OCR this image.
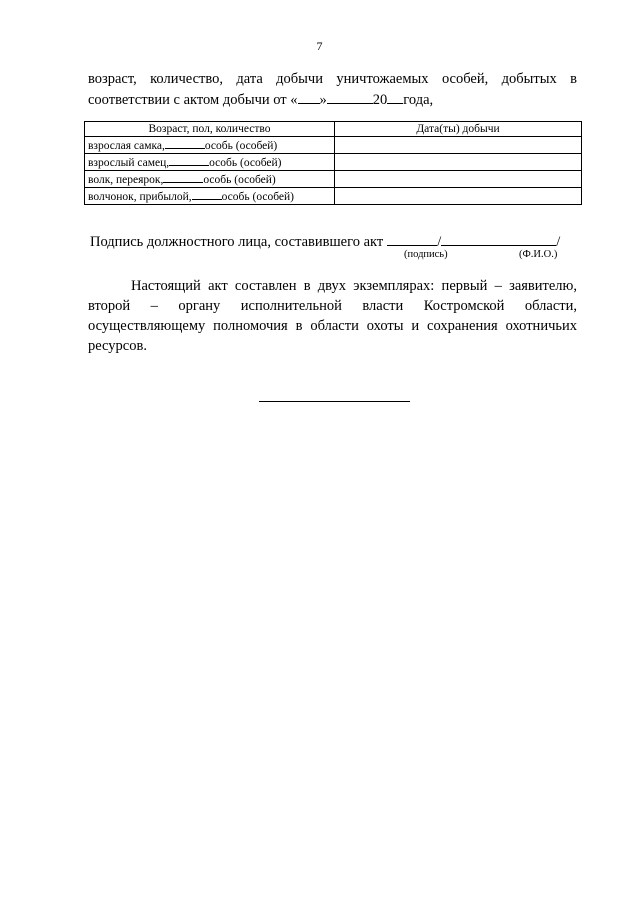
7
возраст, количество, дата добычи уничтожаемых особей, добытых в
соответствии с актом добычи от « »	20 года,
Возраст, пол, количество	Дата(ты) добычи
взрослая самка, особь (особей)	
взрослый самец, особь (особей)	
волк, переярок, особь (особей)	
волчонок, прибылой, особь (особей)	
Подпись должностного лица, составившего акт	/	/
(подпись)	(Ф.И.О.)
Настоящий акт составлен в двух экземплярах: первый – заявителю, второй – органу исполнительной власти Костромской области, осуществляющему полномочия в области охоты и сохранения охотничьих ресурсов.
